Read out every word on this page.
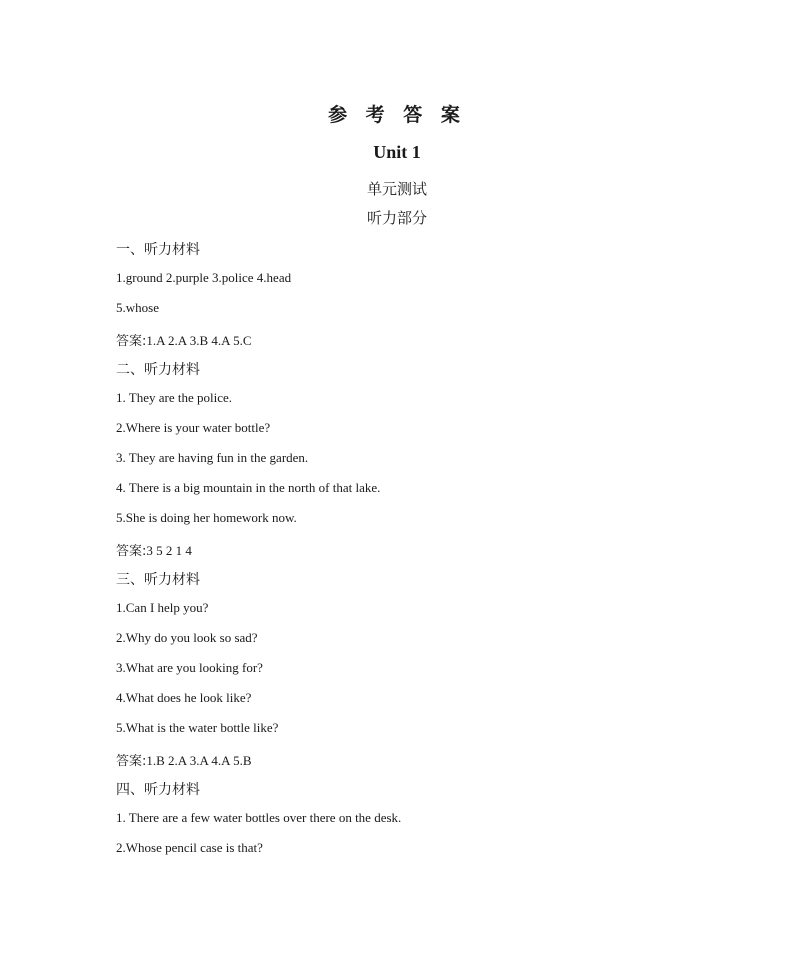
参 考 答 案
Unit 1
单元测试
听力部分
一、听力材料
1.ground 2.purple 3.police 4.head
5.whose
答案:1.A 2.A 3.B 4.A 5.C
二、听力材料
1. They are the police.
2.Where is your water bottle?
3. They are having fun in the garden.
4. There is a big mountain in the north of that lake.
5.She is doing her homework now.
答案:3 5 2 1 4
三、听力材料
1.Can I help you?
2.Why do you look so sad?
3.What are you looking for?
4.What does he look like?
5.What is the water bottle like?
答案:1.B 2.A 3.A 4.A 5.B
四、听力材料
1. There are a few water bottles over there on the desk.
2.Whose pencil case is that?
